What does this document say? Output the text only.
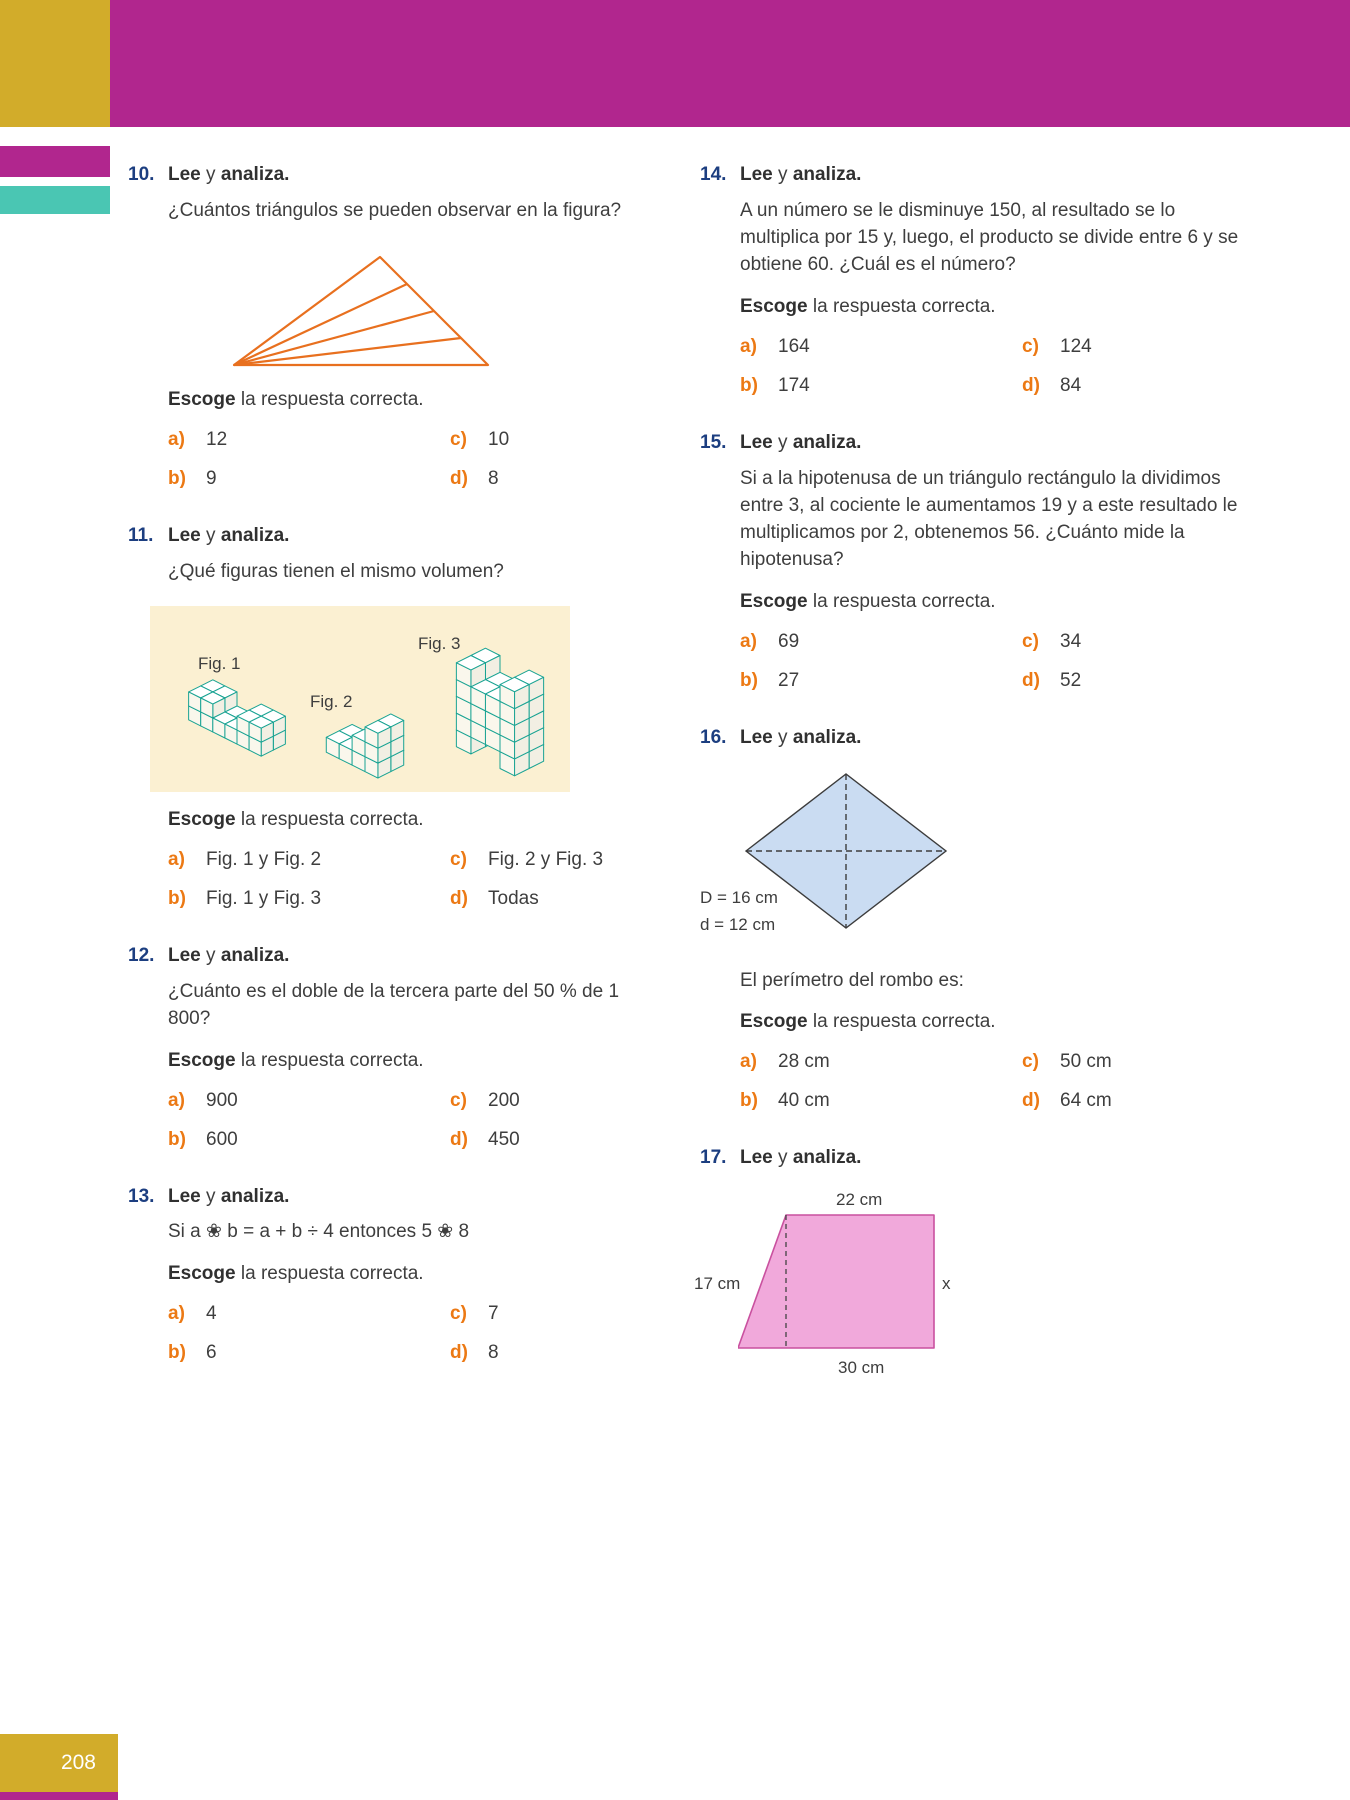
10. Lee y analiza.

¿Cuántos triángulos se pueden observar en la figura?

Escoge la respuesta correcta.

a)	12	c)	10
b)	9	d)	8
11. Lee y analiza.

¿Qué figuras tienen el mismo volumen?

Fig. 1
Fig. 2
Fig. 3

Escoge la respuesta correcta.

a)	Fig. 1 y Fig. 2	c)	Fig. 2 y Fig. 3
b)	Fig. 1 y Fig. 3	d)	Todas
12. Lee y analiza.

¿Cuánto es el doble de la tercera parte del 50 % de 1 800?

Escoge la respuesta correcta.

a)	900	c)	200
b)	600	d)	450
13. Lee y analiza.

Si a ❀ b = a + b ÷ 4 entonces 5 ❀ 8

Escoge la respuesta correcta.

a)	4	c)	7
b)	6	d)	8
14. Lee y analiza.

A un número se le disminuye 150, al resultado se lo multiplica por 15 y, luego, el producto se divide entre 6 y se obtiene 60. ¿Cuál es el número?

Escoge la respuesta correcta.

a)	164	c)	124
b)	174	d)	84
15. Lee y analiza.

Si a la hipotenusa de un triángulo rectángulo la dividimos entre 3, al cociente le aumentamos 19 y a este resultado le multiplicamos por 2, obtenemos 56. ¿Cuánto mide la hipotenusa?

Escoge la respuesta correcta.

a)	69	c)	34
b)	27	d)	52
16. Lee y analiza.
D = 16 cm
d = 12 cm

El perímetro del rombo es:

Escoge la respuesta correcta.

a)	28 cm	c)	50 cm
b)	40 cm	d)	64 cm
17. Lee y analiza.
22 cm
17 cm	x
30 cm
208
